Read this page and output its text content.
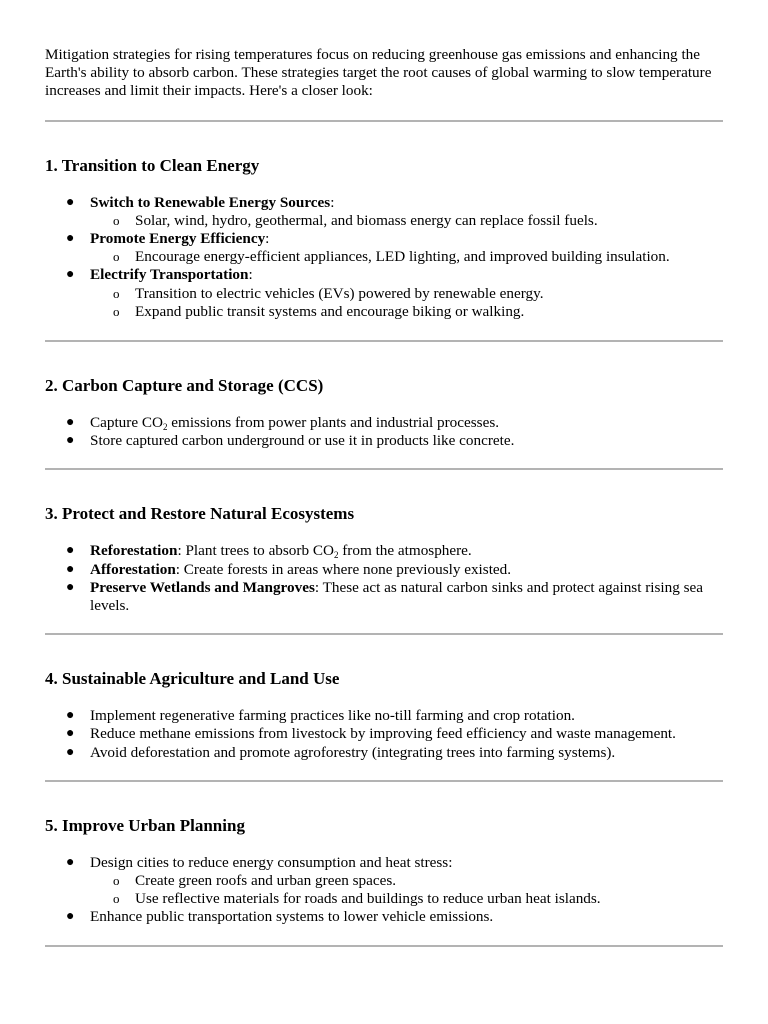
Mitigation strategies for rising temperatures focus on reducing greenhouse gas emissions and enhancing the Earth's ability to absorb carbon. These strategies target the root causes of global warming to slow temperature increases and limit their impacts. Here's a closer look:

1. Transition to Clean Energy
● Switch to Renewable Energy Sources:
o Solar, wind, hydro, geothermal, and biomass energy can replace fossil fuels.
● Promote Energy Efficiency:
o Encourage energy-efficient appliances, LED lighting, and improved building insulation.
● Electrify Transportation:
o Transition to electric vehicles (EVs) powered by renewable energy.
o Expand public transit systems and encourage biking or walking.
2. Carbon Capture and Storage (CCS)
● Capture $CO_2$ emissions from power plants and industrial processes.
● Store captured carbon underground or use it in products like concrete.
3. Protect and Restore Natural Ecosystems
● Reforestation: Plant trees to absorb $CO_2$ from the atmosphere.
● Afforestation: Create forests in areas where none previously existed.
● Preserve Wetlands and Mangroves: These act as natural carbon sinks and protect against rising sea levels.
4. Sustainable Agriculture and Land Use
● Implement regenerative farming practices like no-till farming and crop rotation.
● Reduce methane emissions from livestock by improving feed efficiency and waste management.
● Avoid deforestation and promote agroforestry (integrating trees into farming systems).
5. Improve Urban Planning
● Design cities to reduce energy consumption and heat stress:
o Create green roofs and urban green spaces.
o Use reflective materials for roads and buildings to reduce urban heat islands.
● Enhance public transportation systems to lower vehicle emissions.
